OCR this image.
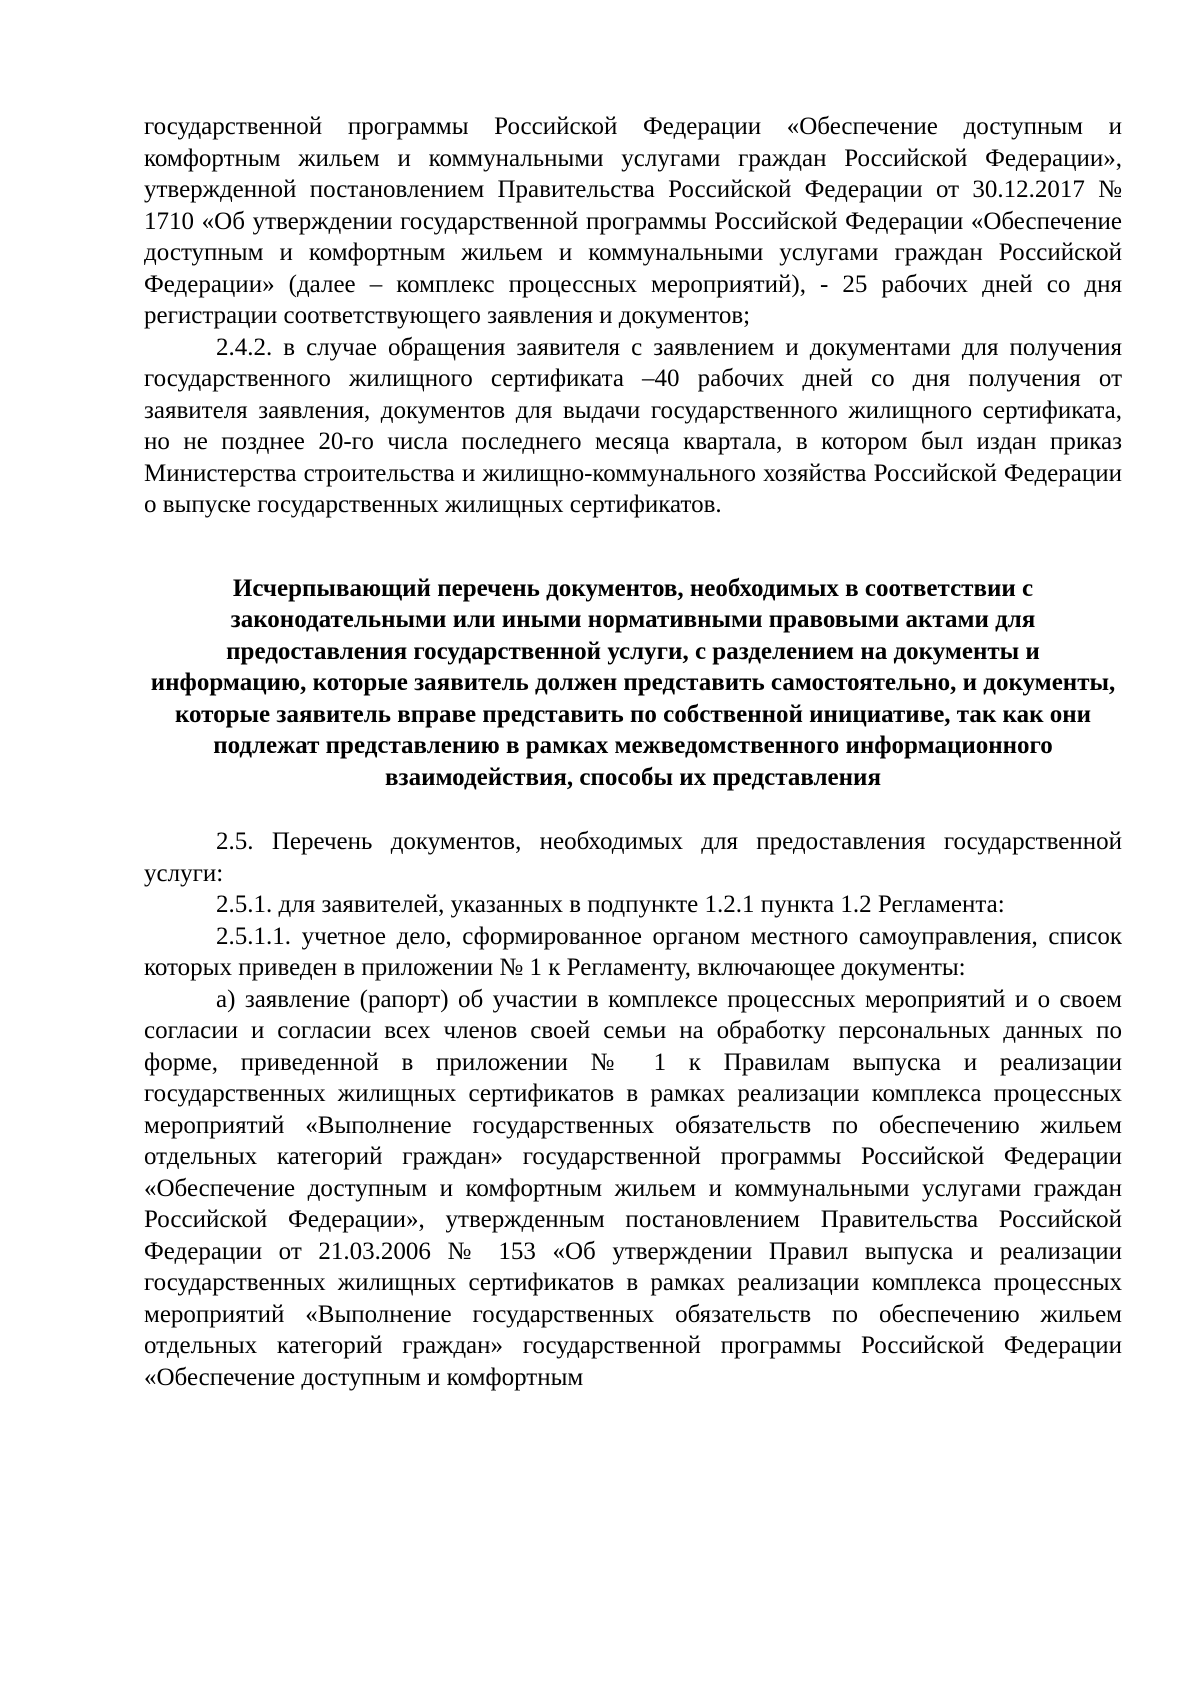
государственной программы Российской Федерации «Обеспечение доступным и комфортным жильем и коммунальными услугами граждан Российской Федерации», утвержденной постановлением Правительства Российской Федерации от 30.12.2017 № 1710 «Об утверждении государственной программы Российской Федерации «Обеспечение доступным и комфортным жильем и коммунальными услугами граждан Российской Федерации» (далее – комплекс процессных мероприятий), - 25 рабочих дней со дня регистрации соответствующего заявления и документов;

2.4.2. в случае обращения заявителя с заявлением и документами для получения государственного жилищного сертификата –40 рабочих дней со дня получения от заявителя заявления, документов для выдачи государственного жилищного сертификата, но не позднее 20-го числа последнего месяца квартала, в котором был издан приказ Министерства строительства и жилищно-коммунального хозяйства Российской Федерации о выпуске государственных жилищных сертификатов.

Исчерпывающий перечень документов, необходимых в соответствии с законодательными или иными нормативными правовыми актами для предоставления государственной услуги, с разделением на документы и информацию, которые заявитель должен представить самостоятельно, и документы, которые заявитель вправе представить по собственной инициативе, так как они подлежат представлению в рамках межведомственного информационного взаимодействия, способы их представления

2.5. Перечень документов, необходимых для предоставления государственной услуги:

2.5.1. для заявителей, указанных в подпункте 1.2.1 пункта 1.2 Регламента:

2.5.1.1. учетное дело, сформированное органом местного самоуправления, список которых приведен в приложении № 1 к Регламенту, включающее документы:

а) заявление (рапорт) об участии в комплексе процессных мероприятий и о своем согласии и согласии всех членов своей семьи на обработку персональных данных по форме, приведенной в приложении № 1 к Правилам выпуска и реализации государственных жилищных сертификатов в рамках реализации комплекса процессных мероприятий «Выполнение государственных обязательств по обеспечению жильем отдельных категорий граждан» государственной программы Российской Федерации «Обеспечение доступным и комфортным жильем и коммунальными услугами граждан Российской Федерации», утвержденным постановлением Правительства Российской Федерации от 21.03.2006 № 153 «Об утверждении Правил выпуска и реализации государственных жилищных сертификатов в рамках реализации комплекса процессных мероприятий «Выполнение государственных обязательств по обеспечению жильем отдельных категорий граждан» государственной программы Российской Федерации «Обеспечение доступным и комфортным
